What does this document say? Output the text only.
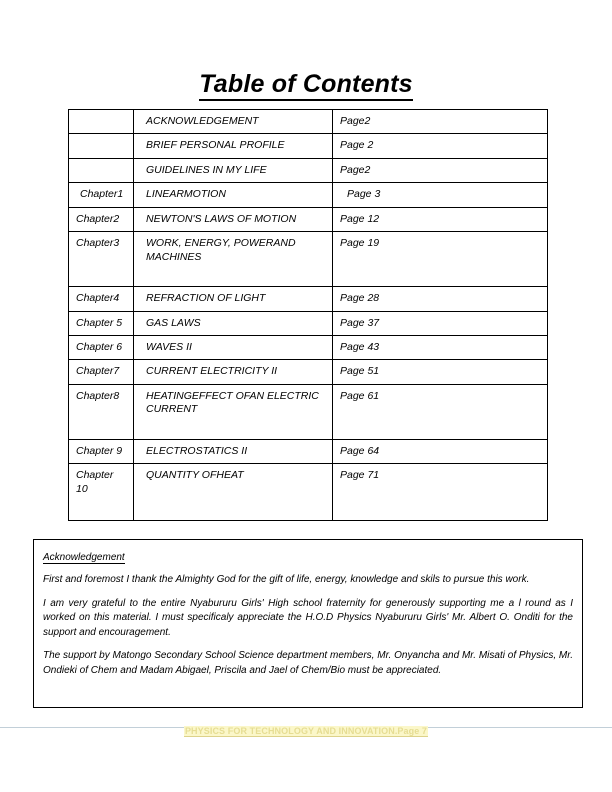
Table of Contents
	ACKNOWLEDGEMENT	Page2
	BRIEF PERSONAL PROFILE	Page 2
	GUIDELINES IN MY LIFE	Page2
Chapter1	LINEARMOTION	Page 3
Chapter2	NEWTON'S LAWS OF MOTION	Page 12
Chapter3	WORK, ENERGY, POWERAND MACHINES	Page 19
Chapter4	REFRACTION OF LIGHT	Page 28
Chapter 5	GAS LAWS	Page 37
Chapter 6	WAVES II	Page 43
Chapter7	CURRENT ELECTRICITY II	Page 51
Chapter8	HEATINGEFFECT OFAN ELECTRIC CURRENT	Page 61
Chapter 9	ELECTROSTATICS II	Page 64
Chapter 10	QUANTITY OFHEAT	Page 71
Acknowledgement

First and foremost I thank the Almighty God for the gift of life, energy, knowledge and skils to pursue this work.

I am very grateful to the entire Nyabururu Girls' High school fraternity for generously supporting me a l round as I worked on this material. I must specificaly appreciate the H.O.D Physics Nyabururu Girls' Mr. Albert O. Onditi for the support and encouragement.

The support by Matongo Secondary School Science department members, Mr. Onyancha and Mr. Misati of Physics, Mr. Ondieki of Chem and Madam Abigael, Priscila and Jael of Chem/Bio must be appreciated.

PHYSICS FOR TECHNOLOGY AND INNOVATION.Page 7
